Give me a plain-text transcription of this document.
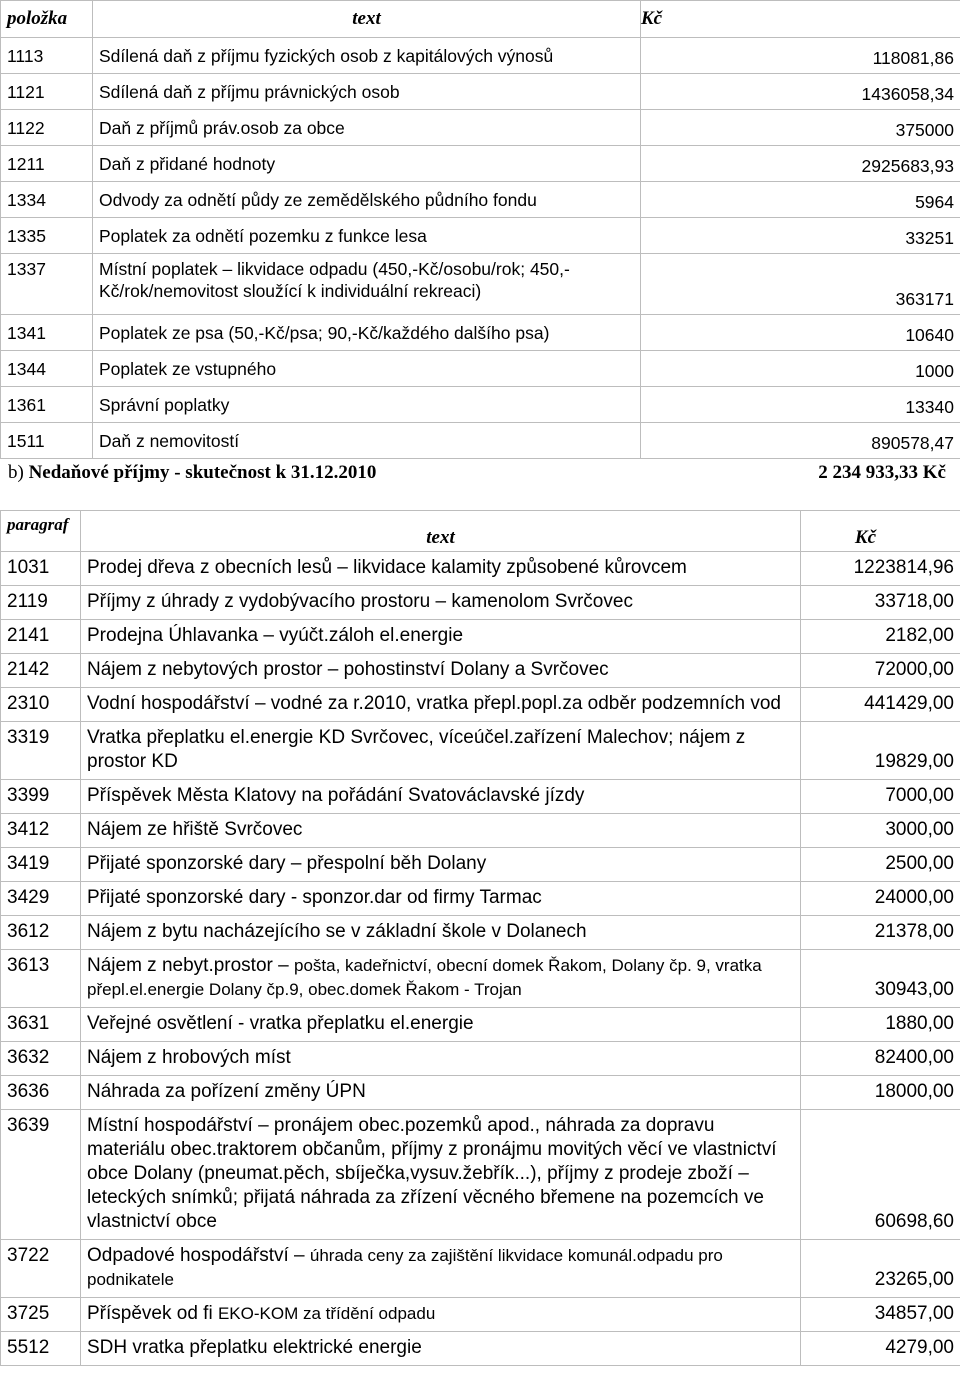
položka	text	Kč
1113	Sdílená daň z příjmu fyzických osob z kapitálových výnosů	118081,86
1121	Sdílená daň z příjmu právnických osob	1436058,34
1122	Daň z příjmů práv.osob za obce	375000
1211	Daň z přidané hodnoty	2925683,93
1334	Odvody za odnětí půdy ze zemědělského půdního fondu	5964
1335	Poplatek za odnětí pozemku z funkce lesa	33251
1337	Místní poplatek – likvidace odpadu (450,-Kč/osobu/rok; 450,-Kč/rok/nemovitost sloužící k individuální rekreaci)	363171
1341	Poplatek ze psa (50,-Kč/psa; 90,-Kč/každého dalšího psa)	10640
1344	Poplatek ze vstupného	1000
1361	Správní poplatky	13340
1511	Daň z nemovitostí	890578,47
b) Nedaňové příjmy - skutečnost k 31.12.2010	2 234 933,33 Kč
paragraf	text	Kč
1031	Prodej dřeva z obecních lesů – likvidace kalamity způsobené kůrovcem	1223814,96
2119	Příjmy z úhrady z vydobývacího prostoru – kamenolom Svrčovec	33718,00
2141	Prodejna Úhlavanka – vyúčt.záloh el.energie	2182,00
2142	Nájem z nebytových prostor – pohostinství Dolany a Svrčovec	72000,00
2310	Vodní hospodářství – vodné za r.2010, vratka přepl.popl.za odběr podzemních vod	441429,00
3319	Vratka přeplatku el.energie KD Svrčovec, víceúčel.zařízení Malechov; nájem z prostor KD	19829,00
3399	Příspěvek Města Klatovy na pořádání Svatováclavské jízdy	7000,00
3412	Nájem ze hřiště Svrčovec	3000,00
3419	Přijaté sponzorské dary – přespolní běh Dolany	2500,00
3429	Přijaté sponzorské dary - sponzor.dar od firmy Tarmac	24000,00
3612	Nájem z bytu nacházejícího se v základní škole v Dolanech	21378,00
3613	Nájem z nebyt.prostor – pošta, kadeřnictví, obecní domek Řakom, Dolany čp. 9, vratka přepl.el.energie Dolany čp.9, obec.domek Řakom - Trojan	30943,00
3631	Veřejné osvětlení - vratka přeplatku el.energie	1880,00
3632	Nájem z hrobových míst	82400,00
3636	Náhrada za pořízení změny ÚPN	18000,00
3639	Místní hospodářství – pronájem obec.pozemků apod., náhrada za dopravu materiálu obec.traktorem občanům, příjmy z pronájmu movitých věcí ve vlastnictví obce Dolany (pneumat.pěch, sbíječka,vysuv.žebřík...), příjmy z prodeje zboží – leteckých snímků; přijatá náhrada za zřízení věcného břemene na pozemcích ve vlastnictví obce	60698,60
3722	Odpadové hospodářství – úhrada ceny za zajištění likvidace komunál.odpadu pro podnikatele	23265,00
3725	Příspěvek od fi EKO-KOM za třídění odpadu	34857,00
5512	SDH vratka přeplatku elektrické energie	4279,00
